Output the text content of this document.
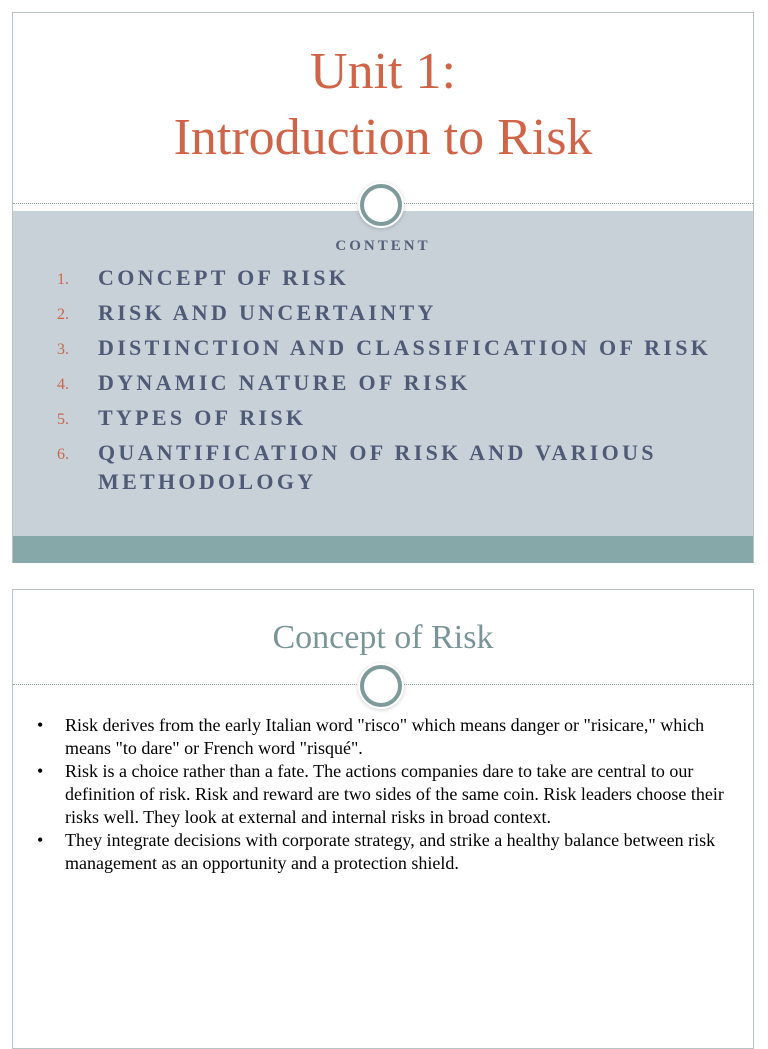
Unit 1:
Introduction to Risk
CONTENT
1. CONCEPT OF RISK
2. RISK AND UNCERTAINTY
3. DISTINCTION AND CLASSIFICATION OF RISK
4. DYNAMIC NATURE OF RISK
5. TYPES OF RISK
6. QUANTIFICATION OF RISK AND VARIOUS METHODOLOGY
Concept of Risk
• Risk derives from the early Italian word "risco" which means danger or "risicare," which means "to dare" or French word "risqué".
• Risk is a choice rather than a fate. The actions companies dare to take are central to our definition of risk. Risk and reward are two sides of the same coin. Risk leaders choose their risks well. They look at external and internal risks in broad context.
• They integrate decisions with corporate strategy, and strike a healthy balance between risk management as an opportunity and a protection shield.
